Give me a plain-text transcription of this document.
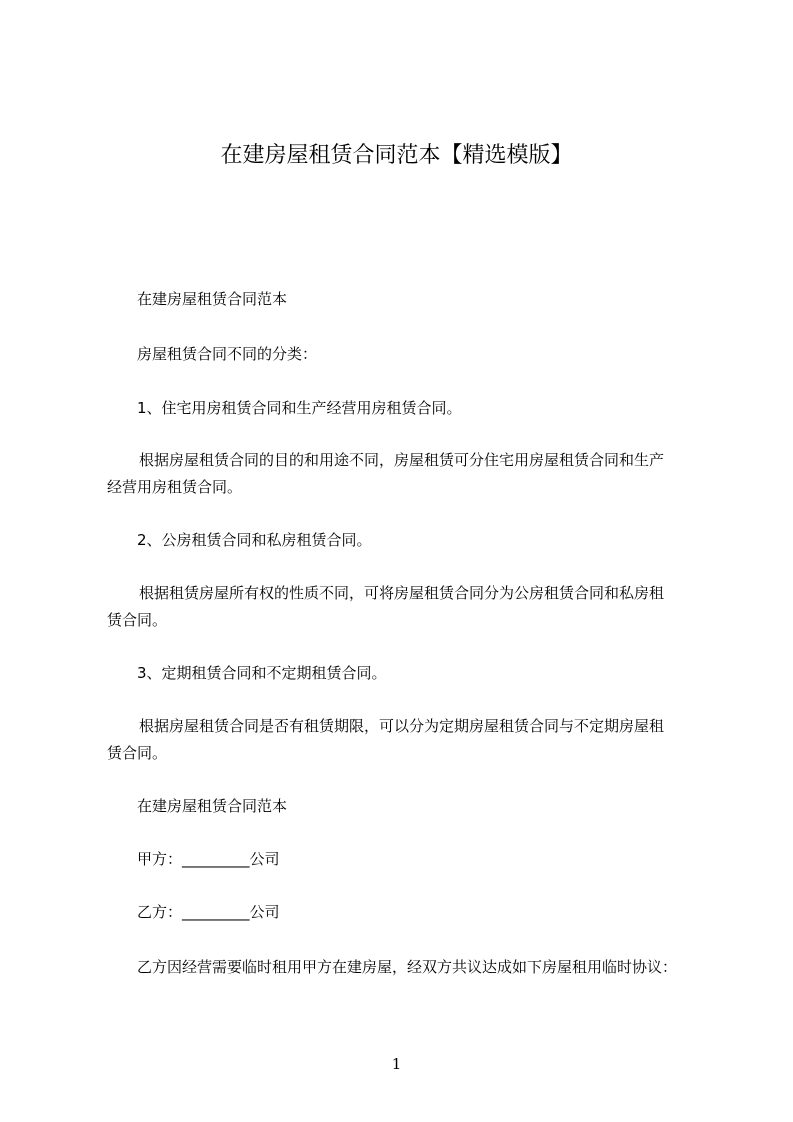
在建房屋租赁合同范本【精选模版】

在建房屋租赁合同范本

房屋租赁合同不同的分类：

1、住宅用房租赁合同和生产经营用房租赁合同。

根据房屋租赁合同的目的和用途不同，房屋租赁可分住宅用房屋租赁合同和生产

经营用房租赁合同。

2、公房租赁合同和私房租赁合同。

根据租赁房屋所有权的性质不同，可将房屋租赁合同分为公房租赁合同和私房租

赁合同。

3、定期租赁合同和不定期租赁合同。

根据房屋租赁合同是否有租赁期限，可以分为定期房屋租赁合同与不定期房屋租

赁合同。

在建房屋租赁合同范本

甲方：_________公司

乙方：_________公司

乙方因经营需要临时租用甲方在建房屋，经双方共议达成如下房屋租用临时协议：

1
